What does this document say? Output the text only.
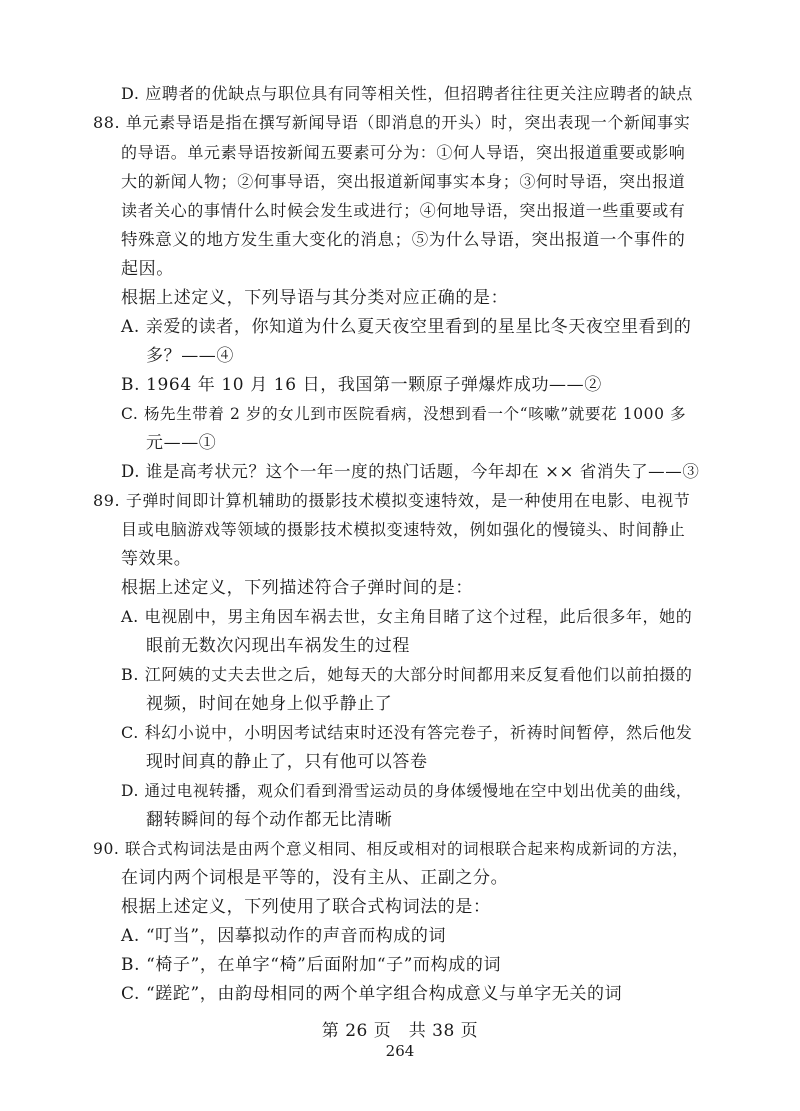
D. 应聘者的优缺点与职位具有同等相关性，但招聘者往往更关注应聘者的缺点
88. 单元素导语是指在撰写新闻导语（即消息的开头）时，突出表现一个新闻事实
的导语。单元素导语按新闻五要素可分为：①何人导语，突出报道重要或影响
大的新闻人物；②何事导语，突出报道新闻事实本身；③何时导语，突出报道
读者关心的事情什么时候会发生或进行；④何地导语，突出报道一些重要或有
特殊意义的地方发生重大变化的消息；⑤为什么导语，突出报道一个事件的
起因。
根据上述定义，下列导语与其分类对应正确的是：
A. 亲爱的读者，你知道为什么夏天夜空里看到的星星比冬天夜空里看到的
多？——④
B. 1964 年 10 月 16 日，我国第一颗原子弹爆炸成功——②
C. 杨先生带着 2 岁的女儿到市医院看病，没想到看一个“咳嗽”就要花 1000 多
元——①
D. 谁是高考状元？这个一年一度的热门话题，今年却在 ×× 省消失了——③
89. 子弹时间即计算机辅助的摄影技术模拟变速特效，是一种使用在电影、电视节
目或电脑游戏等领域的摄影技术模拟变速特效，例如强化的慢镜头、时间静止
等效果。
根据上述定义，下列描述符合子弹时间的是：
A. 电视剧中，男主角因车祸去世，女主角目睹了这个过程，此后很多年，她的
眼前无数次闪现出车祸发生的过程
B. 江阿姨的丈夫去世之后，她每天的大部分时间都用来反复看他们以前拍摄的
视频，时间在她身上似乎静止了
C. 科幻小说中，小明因考试结束时还没有答完卷子，祈祷时间暂停，然后他发
现时间真的静止了，只有他可以答卷
D. 通过电视转播，观众们看到滑雪运动员的身体缓慢地在空中划出优美的曲线，
翻转瞬间的每个动作都无比清晰
90. 联合式构词法是由两个意义相同、相反或相对的词根联合起来构成新词的方法，
在词内两个词根是平等的，没有主从、正副之分。
根据上述定义，下列使用了联合式构词法的是：
A. “叮当”，因摹拟动作的声音而构成的词
B. “椅子”，在单字“椅”后面附加“子”而构成的词
C. “蹉跎”，由韵母相同的两个单字组合构成意义与单字无关的词
第 26 页　共 38 页
264
